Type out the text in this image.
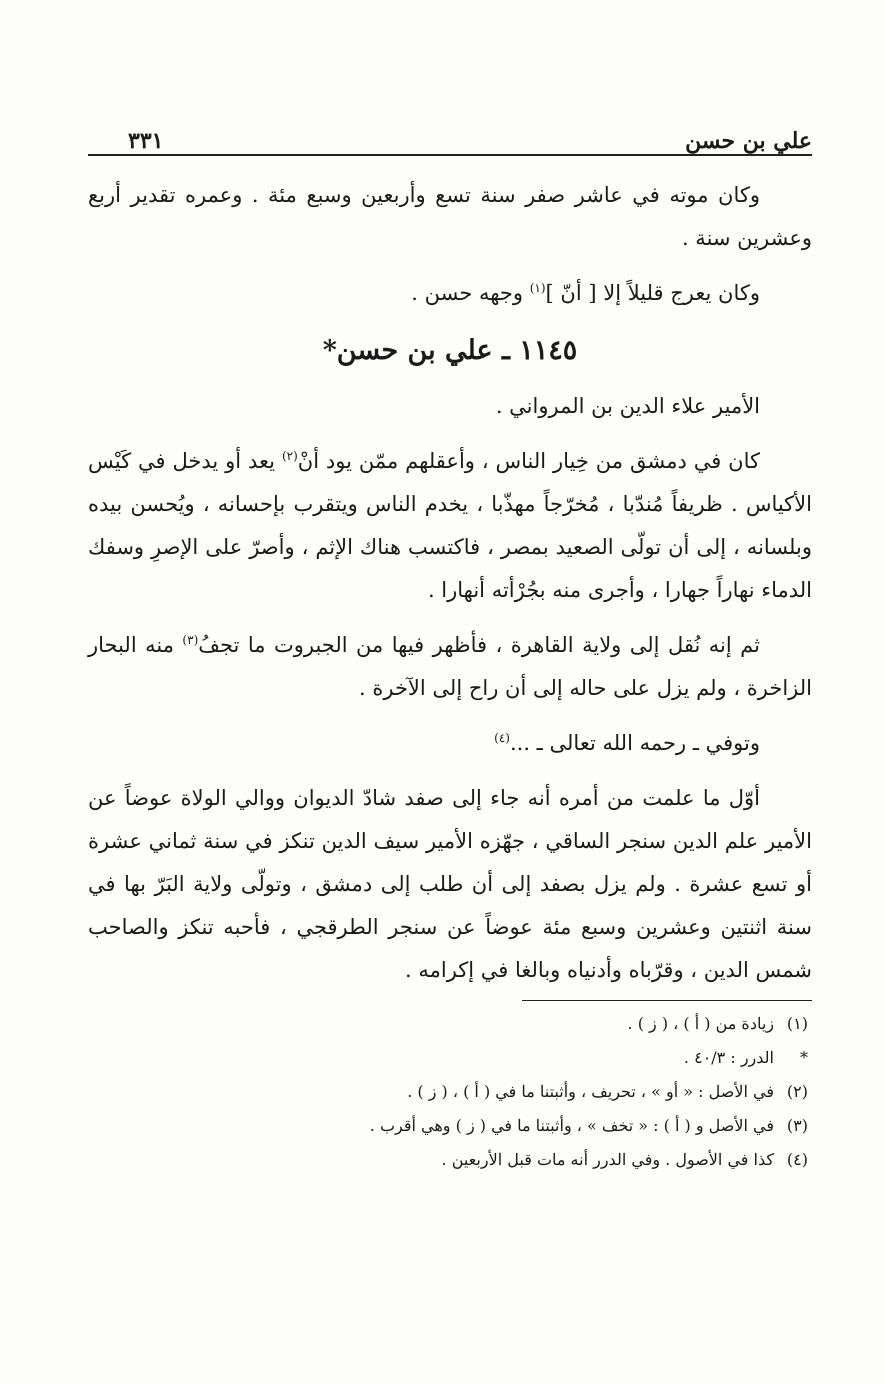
علي بن حسن
٣٣١

وكان موته في عاشر صفر سنة تسع وأربعين وسبع مئة . وعمره تقدير أربع وعشرين سنة .

وكان يعرج قليلاً إلا [ أنّ ]$^{(١)}$ وجهه حسن .

١١٤٥ ـ علي بن حسن*

الأمير علاء الدين بن المرواني .

كان في دمشق من خِيار الناس ، وأعقلهم ممّن يود أنْ$^{(٢)}$ يعد أو يدخل في كَيْس الأكياس . ظريفاً مُندّبا ، مُخرّجاً مهذّبا ، يخدم الناس ويتقرب بإحسانه ، ويُحسن بيده وبلسانه ، إلى أن تولّى الصعيد بمصر ، فاكتسب هناك الإثم ، وأصرّ على الإصرِ وسفك الدماء نهاراً جهارا ، وأجرى منه بجُرْأته أنهارا .

ثم إنه نُقل إلى ولاية القاهرة ، فأظهر فيها من الجبروت ما تجفُ$^{(٣)}$ منه البحار الزاخرة ، ولم يزل على حاله إلى أن راح إلى الآخرة .

وتوفي ـ رحمه الله تعالى ـ ...$^{(٤)}$

أوّل ما علمت من أمره أنه جاء إلى صفد شادّ الديوان ووالي الولاة عوضاً عن الأمير علم الدين سنجر الساقي ، جهّزه الأمير سيف الدين تنكز في سنة ثماني عشرة أو تسع عشرة . ولم يزل بصفد إلى أن طلب إلى دمشق ، وتولّى ولاية البَرّ بها في سنة اثنتين وعشرين وسبع مئة عوضاً عن سنجر الطرقجي ، فأحبه تنكز والصاحب شمس الدين ، وقرّباه وأدنياه وبالغا في إكرامه .

(١)
زيادة من ( أ ) ، ( ز ) .
*
الدرر : ٤٠/٣ .
(٢)
في الأصل : « أو » ، تحريف ، وأثبتنا ما في ( أ ) ، ( ز ) .
(٣)
في الأصل و ( أ ) : « تخف » ، وأثبتنا ما في ( ز ) وهي أقرب .
(٤)
كذا في الأصول . وفي الدرر أنه مات قبل الأربعين .
